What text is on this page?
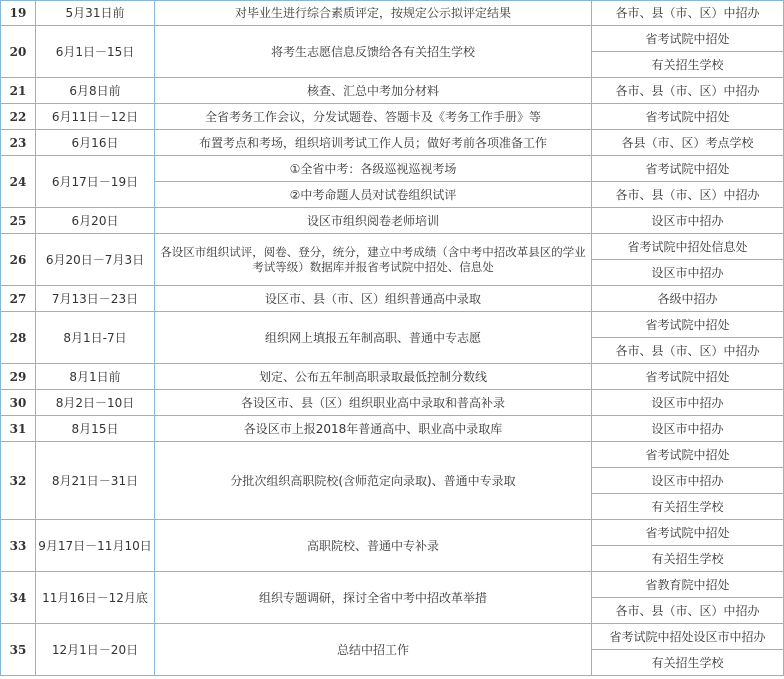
19	5月31日前	对毕业生进行综合素质评定，按规定公示拟评定结果	各市、县（市、区）中招办
20	6月1日－15日	将考生志愿信息反馈给各有关招生学校	省考试院中招处
			有关招生学校
21	6月8日前	核查、汇总中考加分材料	各市、县（市、区）中招办
22	6月11日－12日	全省考务工作会议，分发试题卷、答题卡及《考务工作手册》等	省考试院中招处
23	6月16日	布置考点和考场，组织培训考试工作人员；做好考前各项准备工作	各县（市、区）考点学校
24	6月17日－19日	①全省中考：各级巡视巡视考场	省考试院中招处
		②中考命题人员对试卷组织试评	各市、县（市、区）中招办
25	6月20日	设区市组织阅卷老师培训	设区市中招办
26	6月20日－7月3日	各设区市组织试评，阅卷、登分，统分，建立中考成绩（含中考中招改革县区的学业考试等级）数据库并报省考试院中招处、信息处	省考试院中招处信息处
			设区市中招办
27	7月13日－23日	设区市、县（市、区）组织普通高中录取	各级中招办
28	8月1日-7日	组织网上填报五年制高职、普通中专志愿	省考试院中招处
			各市、县（市、区）中招办
29	8月1日前	划定、公布五年制高职录取最低控制分数线	省考试院中招处
30	8月2日－10日	各设区市、县（区）组织职业高中录取和普高补录	设区市中招办
31	8月15日	各设区市上报2018年普通高中、职业高中录取库	设区市中招办
32	8月21日－31日	分批次组织高职院校(含师范定向录取)、普通中专录取	省考试院中招处
			设区市中招办
			有关招生学校
33	9月17日－11月10日	高职院校、普通中专补录	省考试院中招处
			有关招生学校
34	11月16日－12月底	组织专题调研，探讨全省中考中招改革举措	省教育院中招处
			各市、县（市、区）中招办
35	12月1日－20日	总结中招工作	省考试院中招处设区市中招办
			有关招生学校
